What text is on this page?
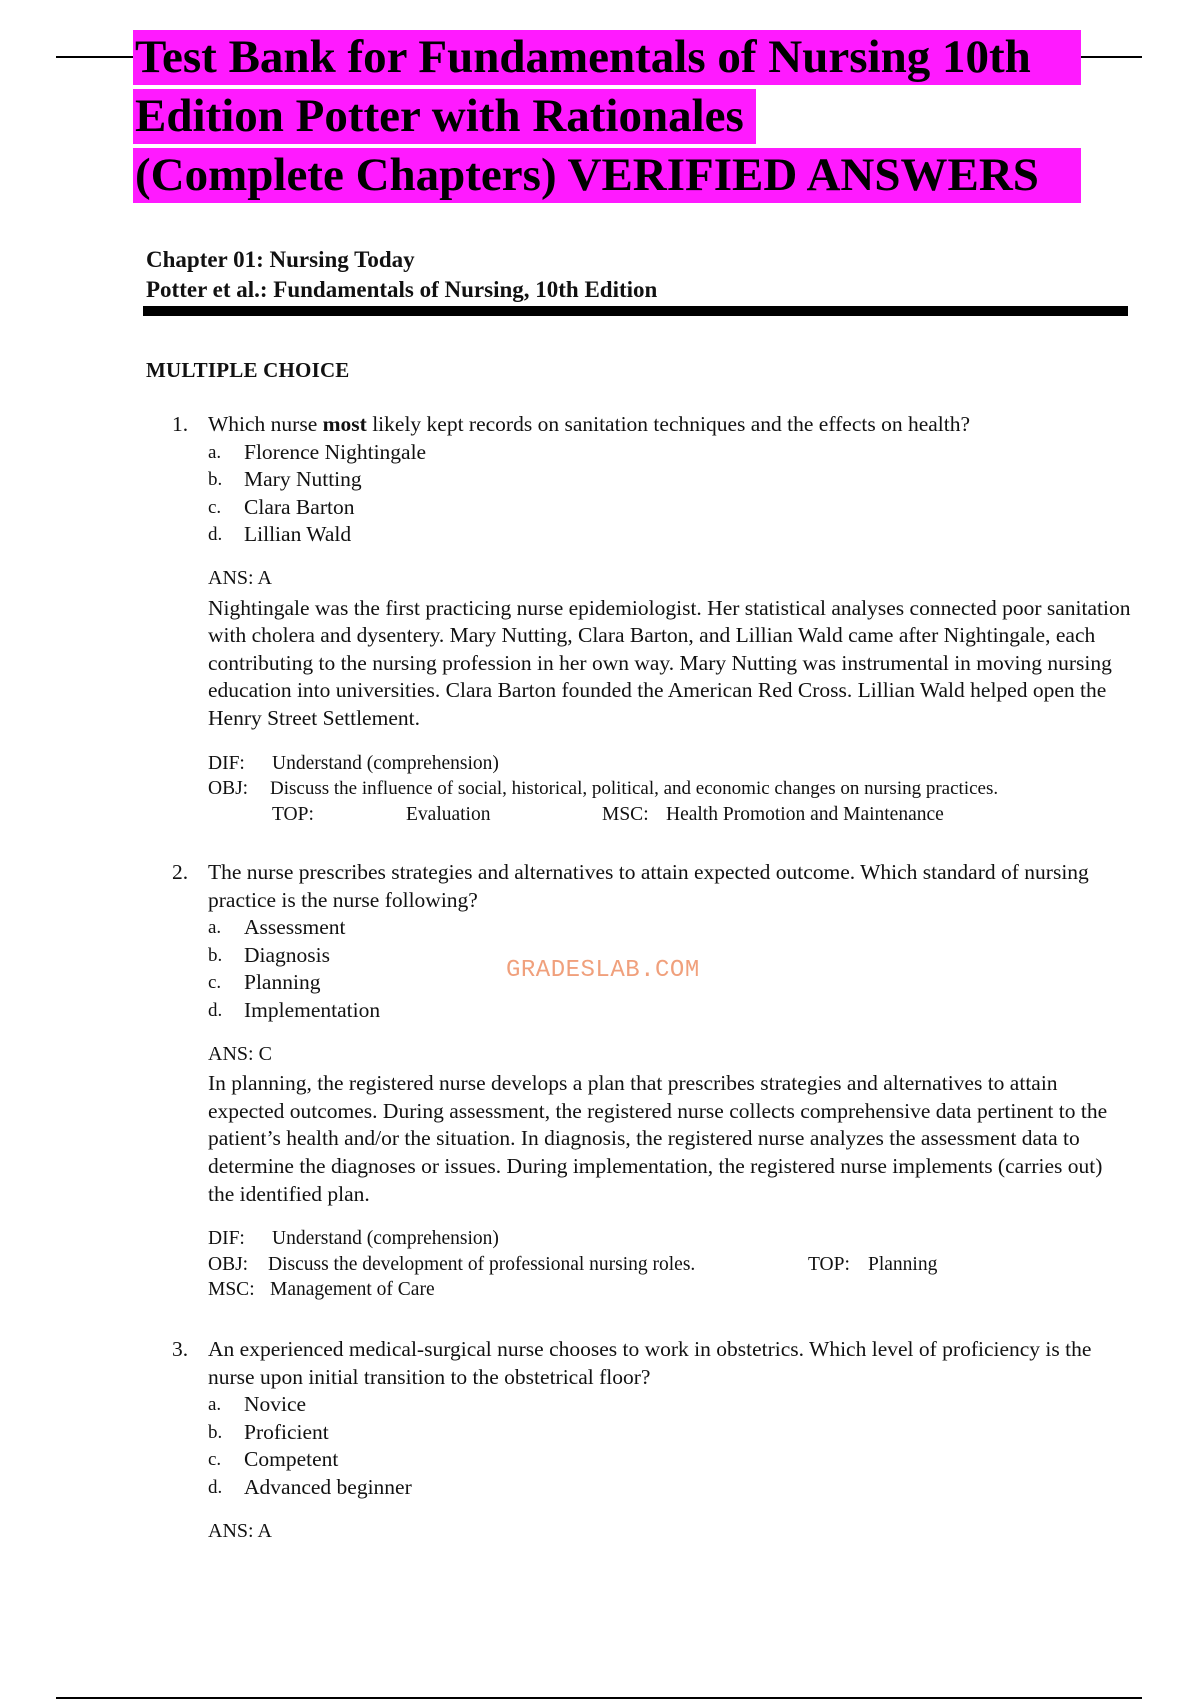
Test Bank for Fundamentals of Nursing 10th
Edition Potter with Rationales
(Complete Chapters) VERIFIED ANSWERS
Chapter 01: Nursing Today
Potter et al.: Fundamentals of Nursing, 10th Edition
MULTIPLE CHOICE
1. Which nurse most likely kept records on sanitation techniques and the effects on health?
a.	Florence Nightingale
b.	Mary Nutting
c.	Clara Barton
d.	Lillian Wald
ANS: A
Nightingale was the first practicing nurse epidemiologist. Her statistical analyses connected poor sanitation with cholera and dysentery. Mary Nutting, Clara Barton, and Lillian Wald came after Nightingale, each contributing to the nursing profession in her own way. Mary Nutting was instrumental in moving nursing education into universities. Clara Barton founded the American Red Cross. Lillian Wald helped open the Henry Street Settlement.
DIF:	Understand (comprehension)
OBJ:	Discuss the influence of social, historical, political, and economic changes on nursing practices.
TOP:	Evaluation	MSC: Health Promotion and Maintenance
2. The nurse prescribes strategies and alternatives to attain expected outcome. Which standard of nursing practice is the nurse following?
a.	Assessment
b.	Diagnosis
c.	Planning
d.	Implementation
ANS: C
In planning, the registered nurse develops a plan that prescribes strategies and alternatives to attain expected outcomes. During assessment, the registered nurse collects comprehensive data pertinent to the patient’s health and/or the situation. In diagnosis, the registered nurse analyzes the assessment data to determine the diagnoses or issues. During implementation, the registered nurse implements (carries out) the identified plan.
DIF:	Understand (comprehension)
OBJ:	Discuss the development of professional nursing roles.	TOP: Planning
MSC: Management of Care
GRADESLAB.COM
3. An experienced medical-surgical nurse chooses to work in obstetrics. Which level of proficiency is the nurse upon initial transition to the obstetrical floor?
a.	Novice
b.	Proficient
c.	Competent
d.	Advanced beginner
ANS: A
